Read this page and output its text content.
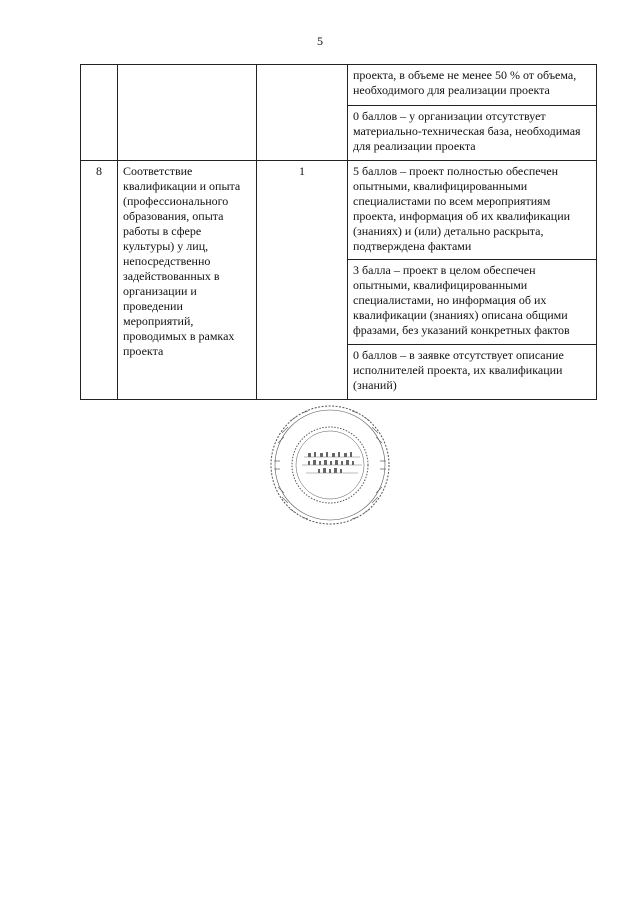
5
			проекта, в объеме не менее 50 % от объема, необходимого для реализации проекта
			0 баллов – у организации отсутствует материально-техническая база, необходимая для реализации проекта
8	Соответствие квалификации и опыта (профессионального образования, опыта работы в сфере культуры) у лиц, непосредственно задействованных в организации и проведении мероприятий, проводимых в рамках проекта	1	5 баллов – проект полностью обеспечен опытными, квалифицированными специалистами по всем мероприятиям проекта, информация об их квалификации (знаниях) и (или) детально раскрыта, подтверждена фактами
			3 балла – проект в целом обеспечен опытными, квалифицированными специалистами, но информация об их квалификации (знаниях) описана общими фразами, без указаний конкретных фактов
			0 баллов – в заявке отсутствует описание исполнителей проекта, их квалификации (знаний)
